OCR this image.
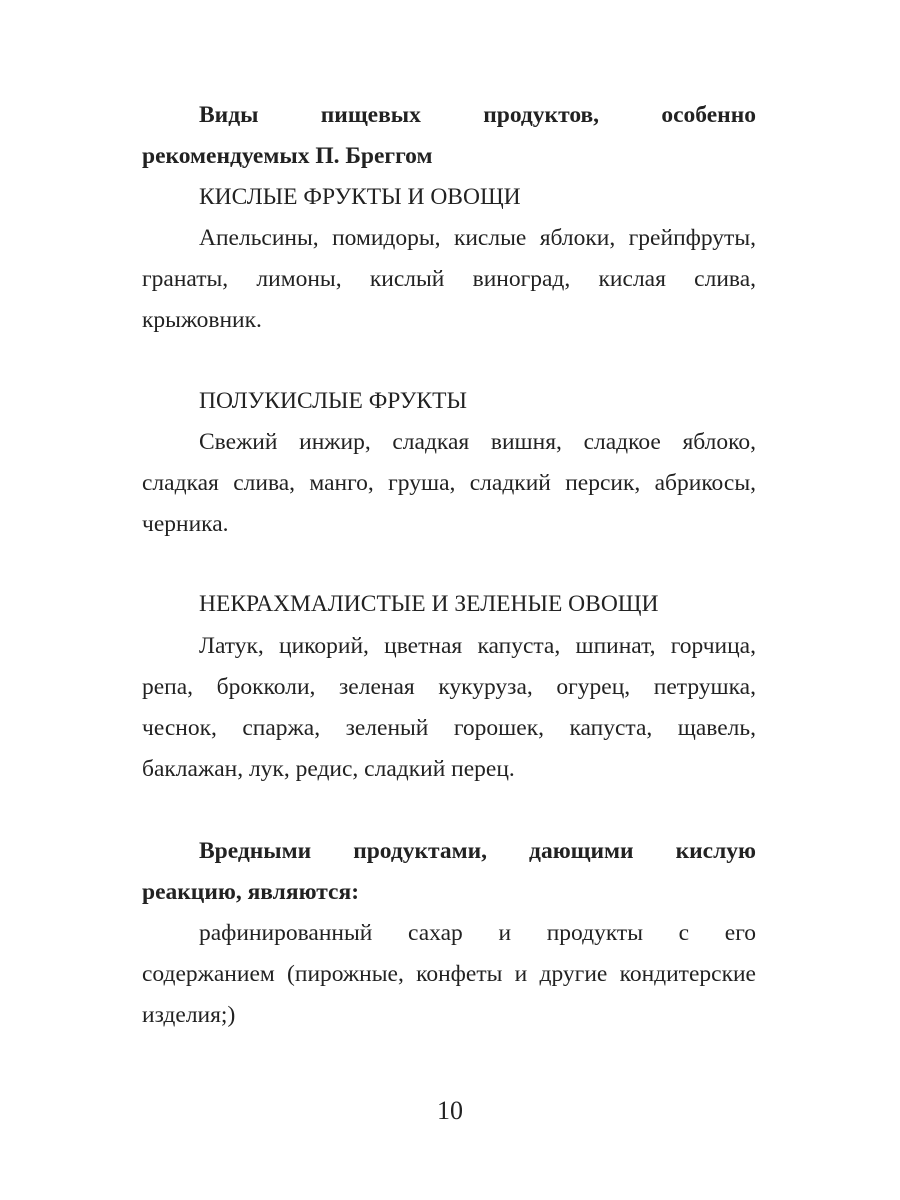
Виды пищевых продуктов, особенно
рекомендуемых П. Бреггом
КИСЛЫЕ ФРУКТЫ И ОВОЩИ
Апельсины, помидоры, кислые яблоки, грейпфруты,
гранаты, лимоны, кислый виноград, кислая слива,
крыжовник.
ПОЛУКИСЛЫЕ ФРУКТЫ
Свежий инжир, сладкая вишня, сладкое яблоко,
сладкая слива, манго, груша, сладкий персик, абрикосы,
черника.
НЕКРАХМАЛИСТЫЕ И ЗЕЛЕНЫЕ ОВОЩИ
Латук, цикорий, цветная капуста, шпинат, горчица,
репа, брокколи, зеленая кукуруза, огурец, петрушка,
чеснок, спаржа, зеленый горошек, капуста, щавель,
баклажан, лук, редис, сладкий перец.
Вредными продуктами, дающими кислую
реакцию, являются:
рафинированный сахар и продукты с его
содержанием (пирожные, конфеты и другие кондитерские
изделия;)
10
